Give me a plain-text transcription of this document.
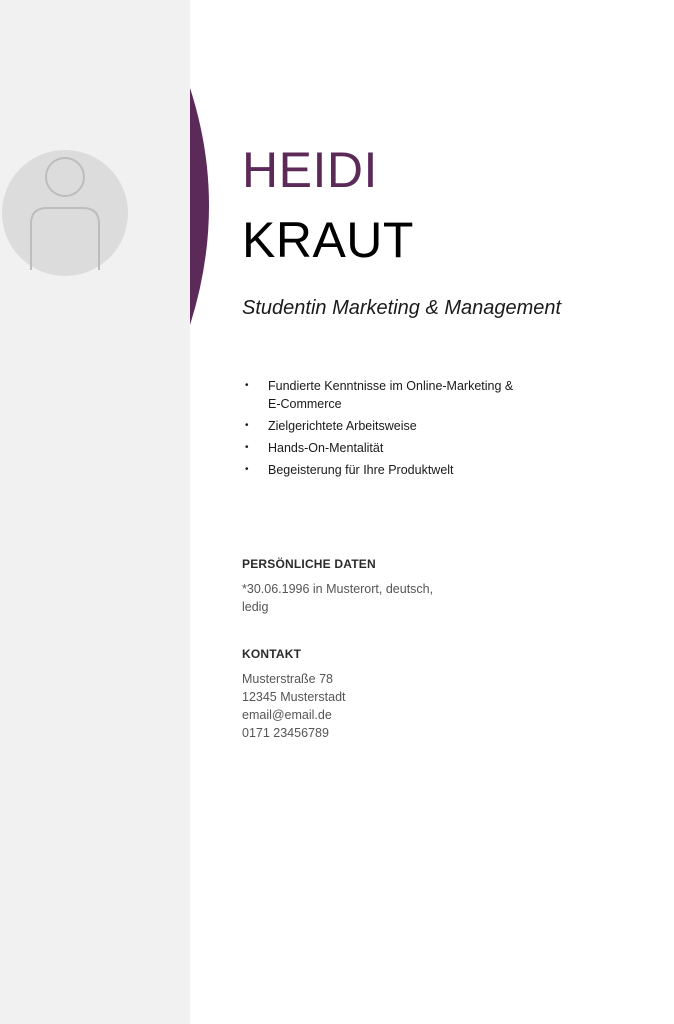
HEIDI
KRAUT
Studentin Marketing & Management
• Fundierte Kenntnisse im Online-Marketing &
E-Commerce
• Zielgerichtete Arbeitsweise
• Hands-On-Mentalität
• Begeisterung für Ihre Produktwelt
PERSÖNLICHE DATEN
*30.06.1996 in Musterort, deutsch,
ledig
KONTAKT
Musterstraße 78
12345 Musterstadt
email@email.de
0171 23456789
